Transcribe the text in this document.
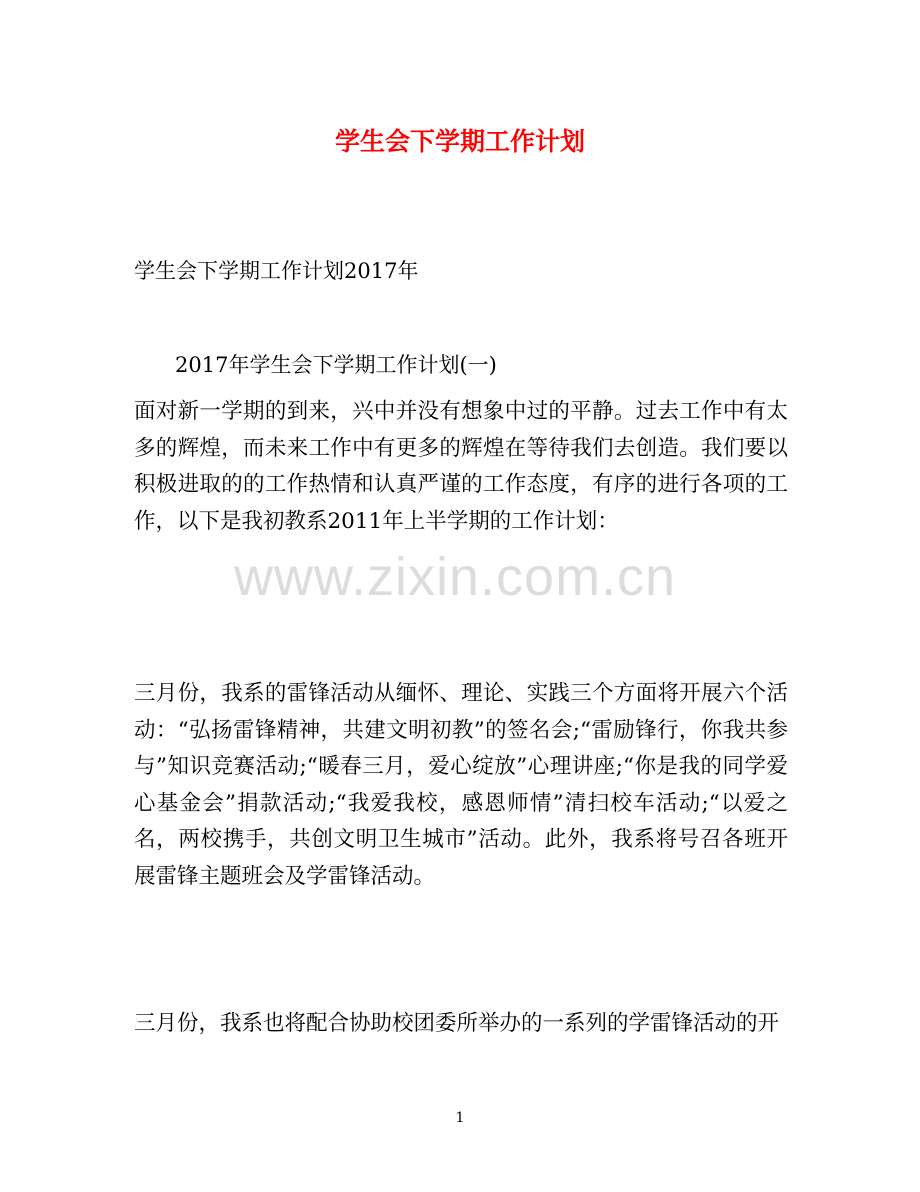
学生会下学期工作计划
学生会下学期工作计划2017年
2017年学生会下学期工作计划(一)
面对新一学期的到来，兴中并没有想象中过的平静。过去工作中有太多的辉煌，而未来工作中有更多的辉煌在等待我们去创造。我们要以积极进取的的工作热情和认真严谨的工作态度，有序的进行各项的工作，以下是我初教系2011年上半学期的工作计划：
www.zixin.com.cn
三月份，我系的雷锋活动从缅怀、理论、实践三个方面将开展六个活动：“弘扬雷锋精神，共建文明初教”的签名会;“雷励锋行，你我共参与”知识竞赛活动;“暖春三月，爱心绽放”心理讲座;“你是我的同学爱心基金会”捐款活动;“我爱我校，感恩师情”清扫校车活动;“以爱之名，两校携手，共创文明卫生城市”活动。此外，我系将号召各班开展雷锋主题班会及学雷锋活动。
三月份，我系也将配合协助校团委所举办的一系列的学雷锋活动的开
1
